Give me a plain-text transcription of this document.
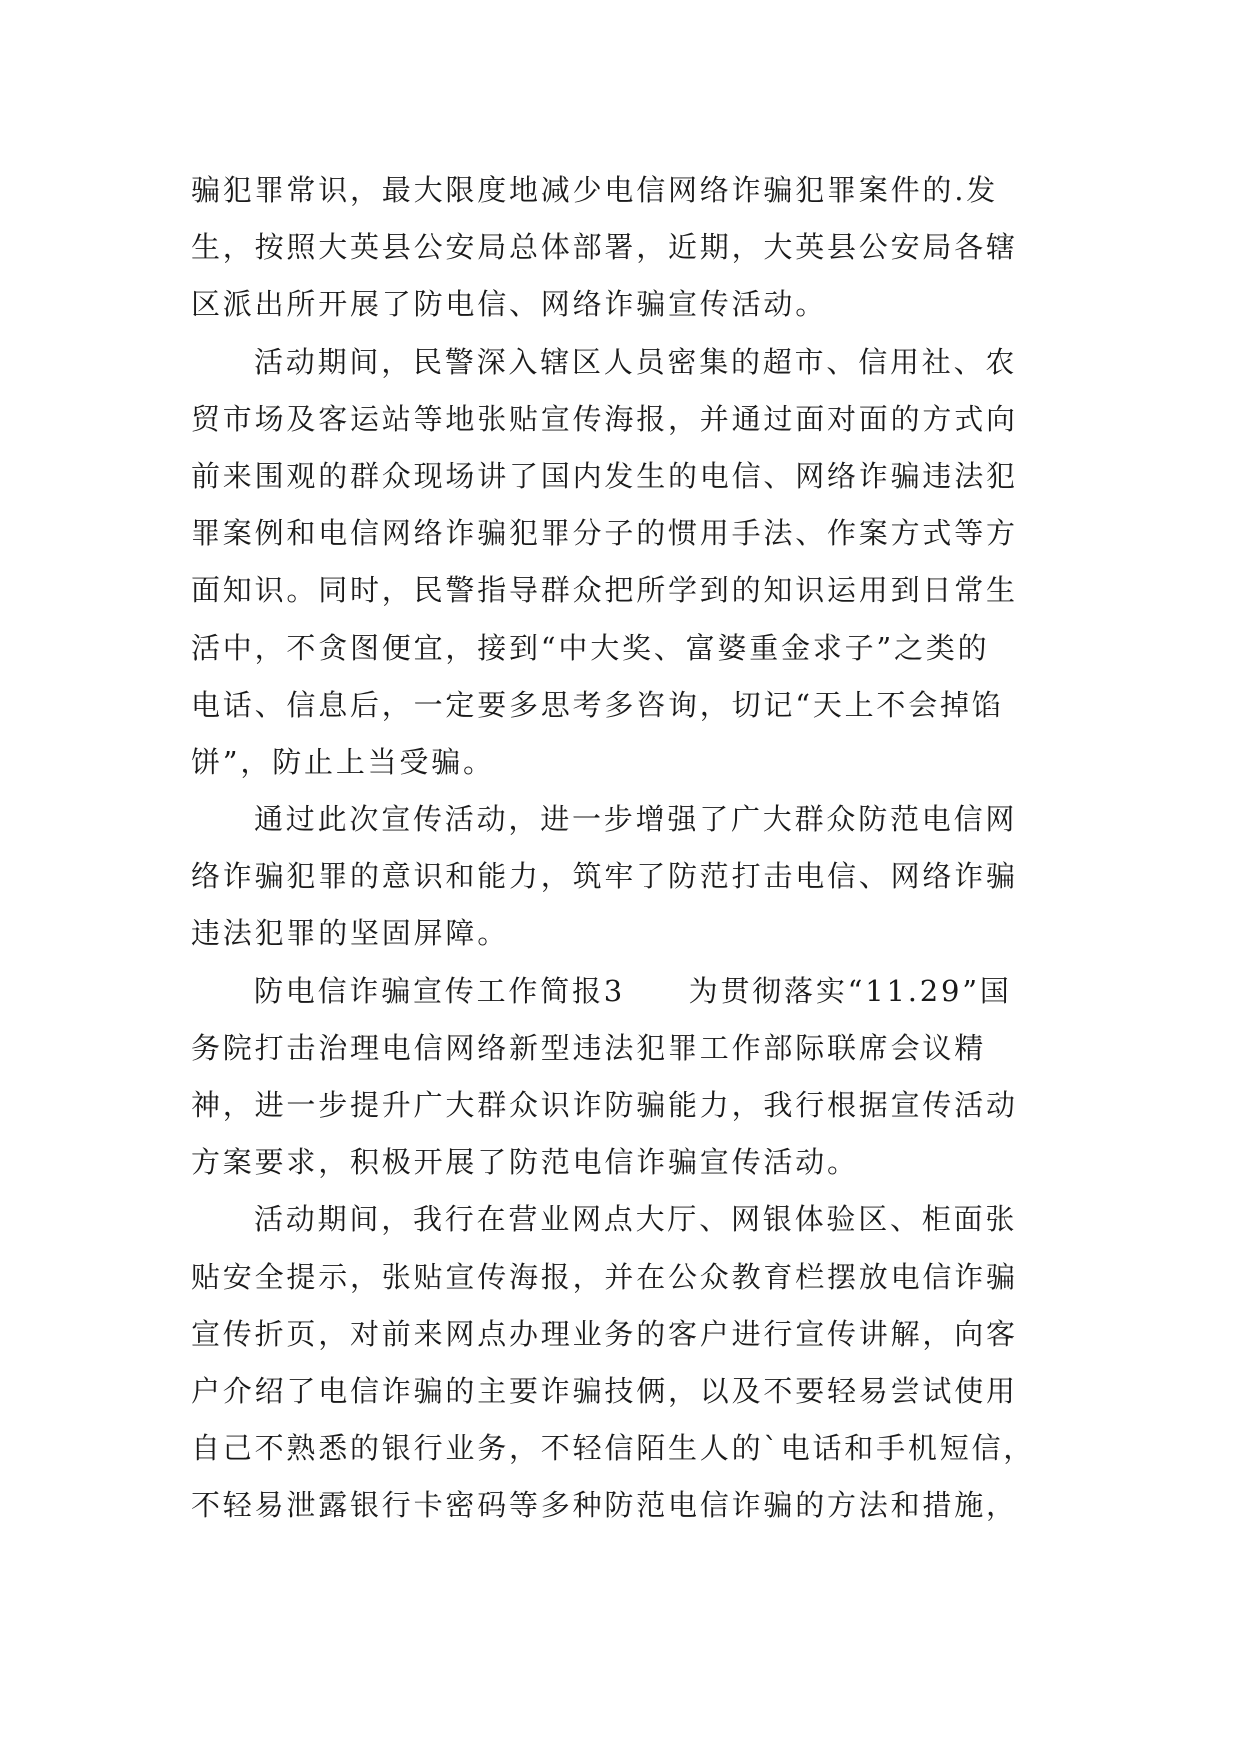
骗犯罪常识，最大限度地减少电信网络诈骗犯罪案件的.发
生，按照大英县公安局总体部署，近期，大英县公安局各辖
区派出所开展了防电信、网络诈骗宣传活动。
活动期间，民警深入辖区人员密集的超市、信用社、农
贸市场及客运站等地张贴宣传海报，并通过面对面的方式向
前来围观的群众现场讲了国内发生的电信、网络诈骗违法犯
罪案例和电信网络诈骗犯罪分子的惯用手法、作案方式等方
面知识。同时，民警指导群众把所学到的知识运用到日常生
活中，不贪图便宜，接到“中大奖、富婆重金求子”之类的
电话、信息后，一定要多思考多咨询，切记“天上不会掉馅
饼”，防止上当受骗。
通过此次宣传活动，进一步增强了广大群众防范电信网
络诈骗犯罪的意识和能力，筑牢了防范打击电信、网络诈骗
违法犯罪的坚固屏障。
防电信诈骗宣传工作简报3　　为贯彻落实“11.29”国
务院打击治理电信网络新型违法犯罪工作部际联席会议精
神，进一步提升广大群众识诈防骗能力，我行根据宣传活动
方案要求，积极开展了防范电信诈骗宣传活动。
活动期间，我行在营业网点大厅、网银体验区、柜面张
贴安全提示，张贴宣传海报，并在公众教育栏摆放电信诈骗
宣传折页，对前来网点办理业务的客户进行宣传讲解，向客
户介绍了电信诈骗的主要诈骗技俩，以及不要轻易尝试使用
自己不熟悉的银行业务，不轻信陌生人的`电话和手机短信，
不轻易泄露银行卡密码等多种防范电信诈骗的方法和措施，
